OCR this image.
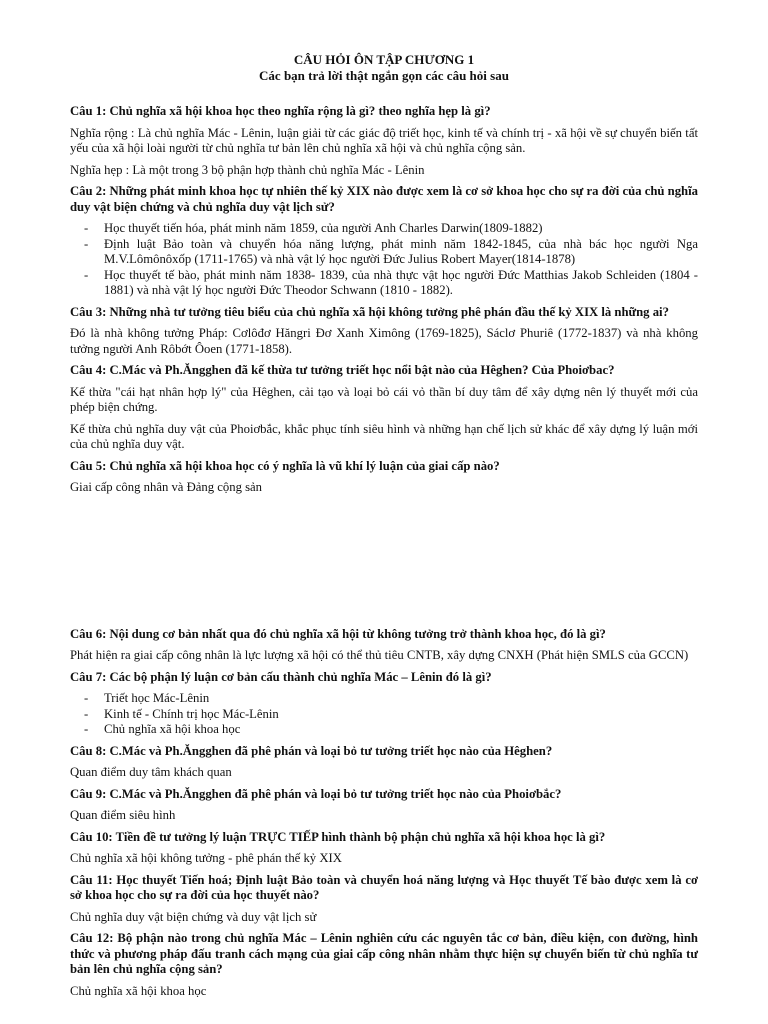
CÂU HỎI ÔN TẬP CHƯƠNG 1

Các bạn trả lời thật ngắn gọn các câu hỏi sau

Câu 1: Chủ nghĩa xã hội khoa học theo nghĩa rộng là gì? theo nghĩa hẹp là gì?

Nghĩa rộng : Là chủ nghĩa Mác - Lênin, luận giải từ các giác độ triết học, kinh tế và chính trị - xã hội về sự chuyển biến tất yếu của xã hội loài người từ chủ nghĩa tư bản lên chủ nghĩa xã hội và chủ nghĩa cộng sản.

Nghĩa hẹp : Là một trong 3 bộ phận hợp thành chủ nghĩa Mác - Lênin

Câu 2: Những phát minh khoa học tự nhiên thế kỷ XIX nào được xem là cơ sở khoa học cho sự ra đời của chủ nghĩa duy vật biện chứng và chủ nghĩa duy vật lịch sử?

- Học thuyết tiến hóa, phát minh năm 1859, của người Anh Charles Darwin(1809-1882)
- Định luật Bảo toàn và chuyển hóa năng lượng, phát minh năm 1842-1845, của nhà bác học người Nga M.V.Lômônôxốp (1711-1765) và nhà vật lý học người Đức Julius Robert Mayer(1814-1878)
- Học thuyết tế bào, phát minh năm 1838- 1839, của nhà thực vật học người Đức Matthias Jakob Schleiden (1804 - 1881) và nhà vật lý học người Đức Theodor Schwann (1810 - 1882).

Câu 3: Những nhà tư tưởng tiêu biểu của chủ nghĩa xã hội không tưởng phê phán đầu thế kỷ XIX là những ai?

Đó là nhà không tưởng Pháp: Cơlôđơ Hăngri Đơ Xanh Ximông (1769-1825), Sáclơ Phuriê (1772-1837) và nhà không tưởng người Anh Rôbớt Ôoen (1771-1858).

Câu 4: C.Mác và Ph.Ăngghen đã kế thừa tư tưởng triết học nổi bật nào của Hêghen? Của Phoiơbac?

Kế thừa "cái hạt nhân hợp lý" của Hêghen, cải tạo và loại bỏ cái vỏ thần bí duy tâm để xây dựng nên lý thuyết mới của phép biện chứng.

Kế thừa chủ nghĩa duy vật của Phoiơbắc, khắc phục tính siêu hình và những hạn chế lịch sử khác để xây dựng lý luận mới của chủ nghĩa duy vật.

Câu 5: Chủ nghĩa xã hội khoa học có ý nghĩa là vũ khí lý luận của giai cấp nào?

Giai cấp công nhân và Đảng cộng sản

Câu 6: Nội dung cơ bản nhất qua đó chủ nghĩa xã hội từ không tưởng trở thành khoa học, đó là gì?

Phát hiện ra giai cấp công nhân là lực lượng xã hội có thể thủ tiêu CNTB, xây dựng CNXH (Phát hiện SMLS của GCCN)

Câu 7: Các bộ phận lý luận cơ bản cấu thành chủ nghĩa Mác – Lênin đó là gì?

- Triết học Mác-Lênin
- Kinh tế - Chính trị học Mác-Lênin
- Chủ nghĩa xã hội khoa học

Câu 8: C.Mác và Ph.Ăngghen đã phê phán và loại bỏ tư tưởng triết học nào của Hêghen?

Quan điểm duy tâm khách quan

Câu 9: C.Mác và Ph.Ăngghen đã phê phán và loại bỏ tư tưởng triết học nào của Phoiơbắc?

Quan điểm siêu hình

Câu 10: Tiền đề tư tưởng lý luận TRỰC TIẾP hình thành bộ phận chủ nghĩa xã hội khoa học là gì?

Chủ nghĩa xã hội không tưởng - phê phán thế kỷ XIX

Câu 11: Học thuyết Tiến hoá; Định luật Bảo toàn và chuyển hoá năng lượng và Học thuyết Tế bào được xem là cơ sở khoa học cho sự ra đời của học thuyết nào?

Chủ nghĩa duy vật biện chứng và duy vật lịch sử

Câu 12: Bộ phận nào trong chủ nghĩa Mác – Lênin nghiên cứu các nguyên tắc cơ bản, điều kiện, con đường, hình thức và phương pháp đấu tranh cách mạng của giai cấp công nhân nhằm thực hiện sự chuyển biến từ chủ nghĩa tư bản lên chủ nghĩa cộng sản?

Chủ nghĩa xã hội khoa học
